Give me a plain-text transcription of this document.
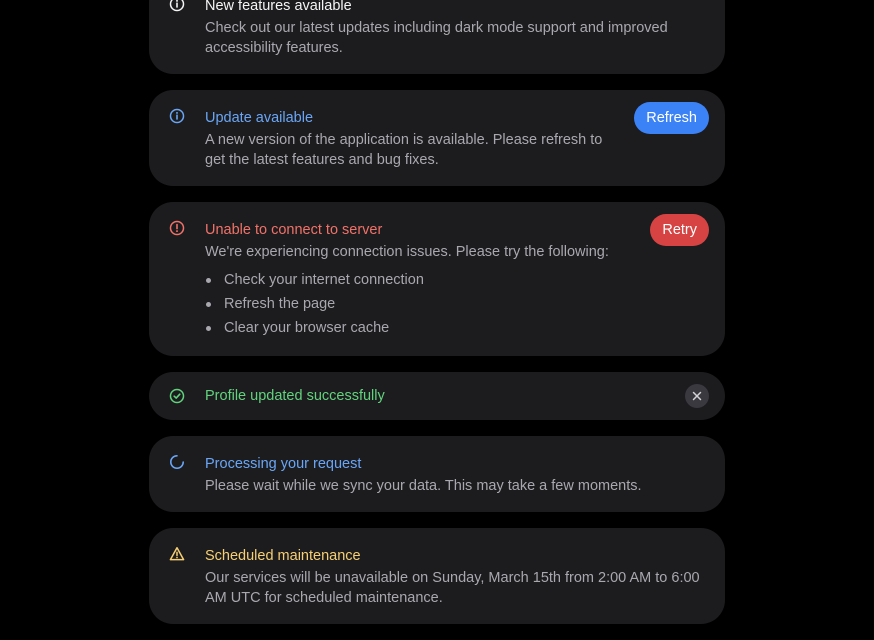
New features available

Check out our latest updates including dark mode support and improved accessibility features.

Update available

A new version of the application is available. Please refresh to get the latest features and bug fixes.

Refresh
Unable to connect to server

We're experiencing connection issues. Please try the following:

Check your internet connection
Refresh the page
Clear your browser cache
Retry
Profile updated successfully
Processing your request

Please wait while we sync your data. This may take a few moments.

Scheduled maintenance

Our services will be unavailable on Sunday, March 15th from 2:00 AM to 6:00 AM UTC for scheduled maintenance.
